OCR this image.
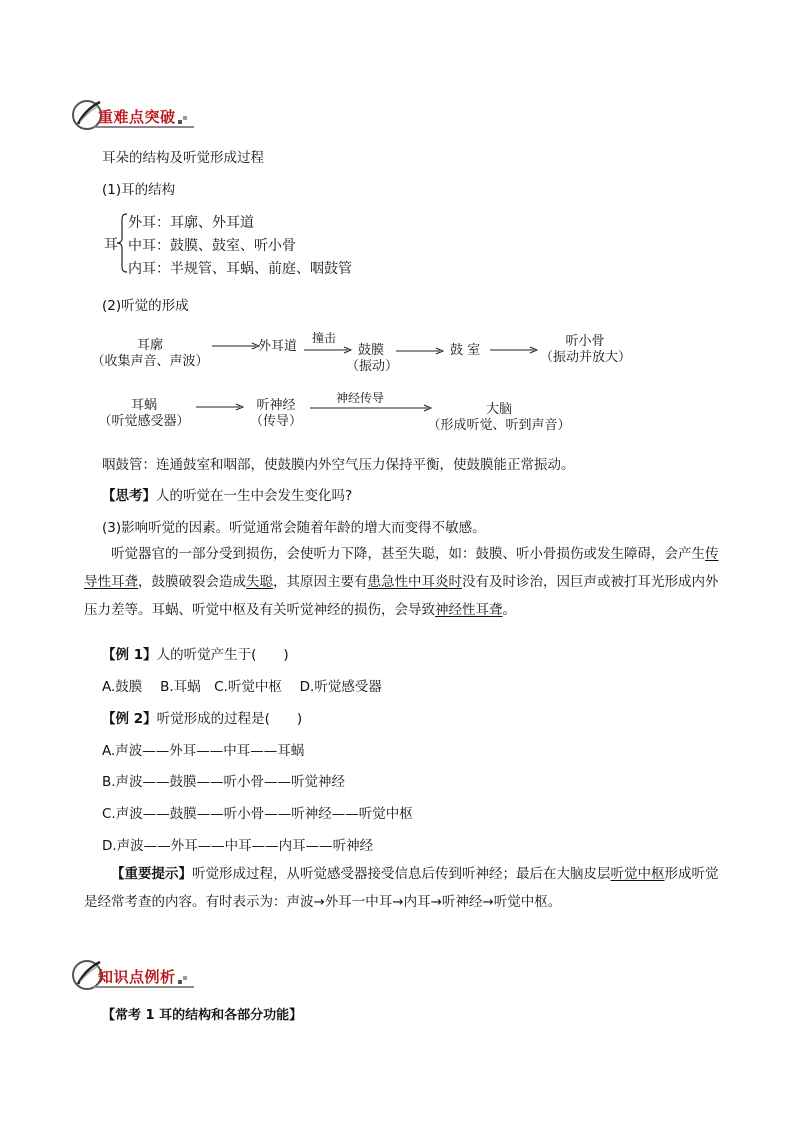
重难点突破
耳朵的结构及听觉形成过程
(1)耳的结构
耳
外耳：耳廓、外耳道
中耳：鼓膜、鼓室、听小骨
内耳：半规管、耳蜗、前庭、咽鼓管
(2)听觉的形成
耳廓
（收集声音、声波）
外耳道
撞击
鼓膜
（振动）
鼓 室
听小骨
（振动并放大）
耳蜗
（听觉感受器）
听神经
（传导）
神经传导
大脑
（形成听觉、听到声音）
咽鼓管：连通鼓室和咽部，使鼓膜内外空气压力保持平衡，使鼓膜能正常振动。
【思考】人的听觉在一生中会发生变化吗?
(3)影响听觉的因素。听觉通常会随着年龄的增大而变得不敏感。
听觉器官的一部分受到损伤，会使听力下降，甚至失聪，如：鼓膜、听小骨损伤或发生障碍，会产生传导性耳聋，鼓膜破裂会造成失聪，其原因主要有患急性中耳炎时没有及时诊治，因巨声或被打耳光形成内外压力差等。耳蜗、听觉中枢及有关听觉神经的损伤，会导致神经性耳聋。
【例 1】人的听觉产生于(　　)
A.鼓膜　 B.耳蜗　C.听觉中枢　 D.听觉感受器
【例 2】听觉形成的过程是(　　)
A.声波——外耳——中耳——耳蜗
B.声波——鼓膜——听小骨——听觉神经
C.声波——鼓膜——听小骨——听神经——听觉中枢
D.声波——外耳——中耳——内耳——听神经
【重要提示】听觉形成过程，从听觉感受器接受信息后传到听神经；最后在大脑皮层听觉中枢形成听觉是经常考查的内容。有时表示为：声波→外耳一中耳→内耳→听神经→听觉中枢。
知识点例析
【常考 1 耳的结构和各部分功能】
